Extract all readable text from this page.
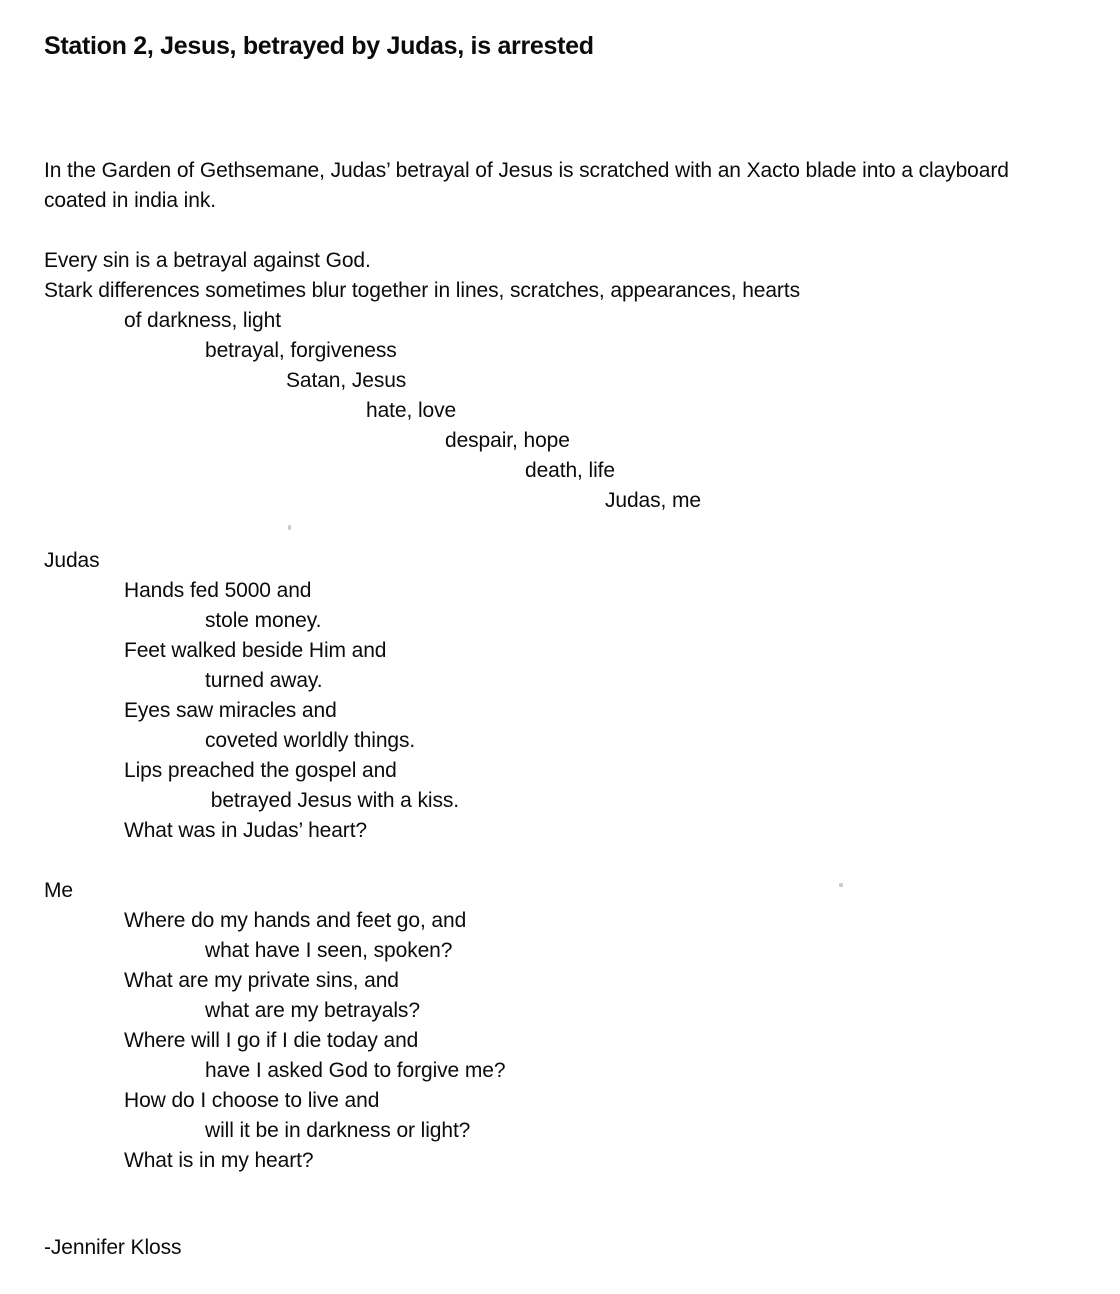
Station 2, Jesus, betrayed by Judas, is arrested
In the Garden of Gethsemane, Judas’ betrayal of Jesus is scratched with an Xacto blade into a clayboard
coated in india ink.
Every sin is a betrayal against God.
Stark differences sometimes blur together in lines, scratches, appearances, hearts
of darkness, light
betrayal, forgiveness
Satan, Jesus
hate, love
despair, hope
death, life
Judas, me
Judas
Hands fed 5000 and
stole money.
Feet walked beside Him and
turned away.
Eyes saw miracles and
coveted worldly things.
Lips preached the gospel and
betrayed Jesus with a kiss.
What was in Judas’ heart?
Me
Where do my hands and feet go, and
what have I seen, spoken?
What are my private sins, and
what are my betrayals?
Where will I go if I die today and
have I asked God to forgive me?
How do I choose to live and
will it be in darkness or light?
What is in my heart?
-Jennifer Kloss
